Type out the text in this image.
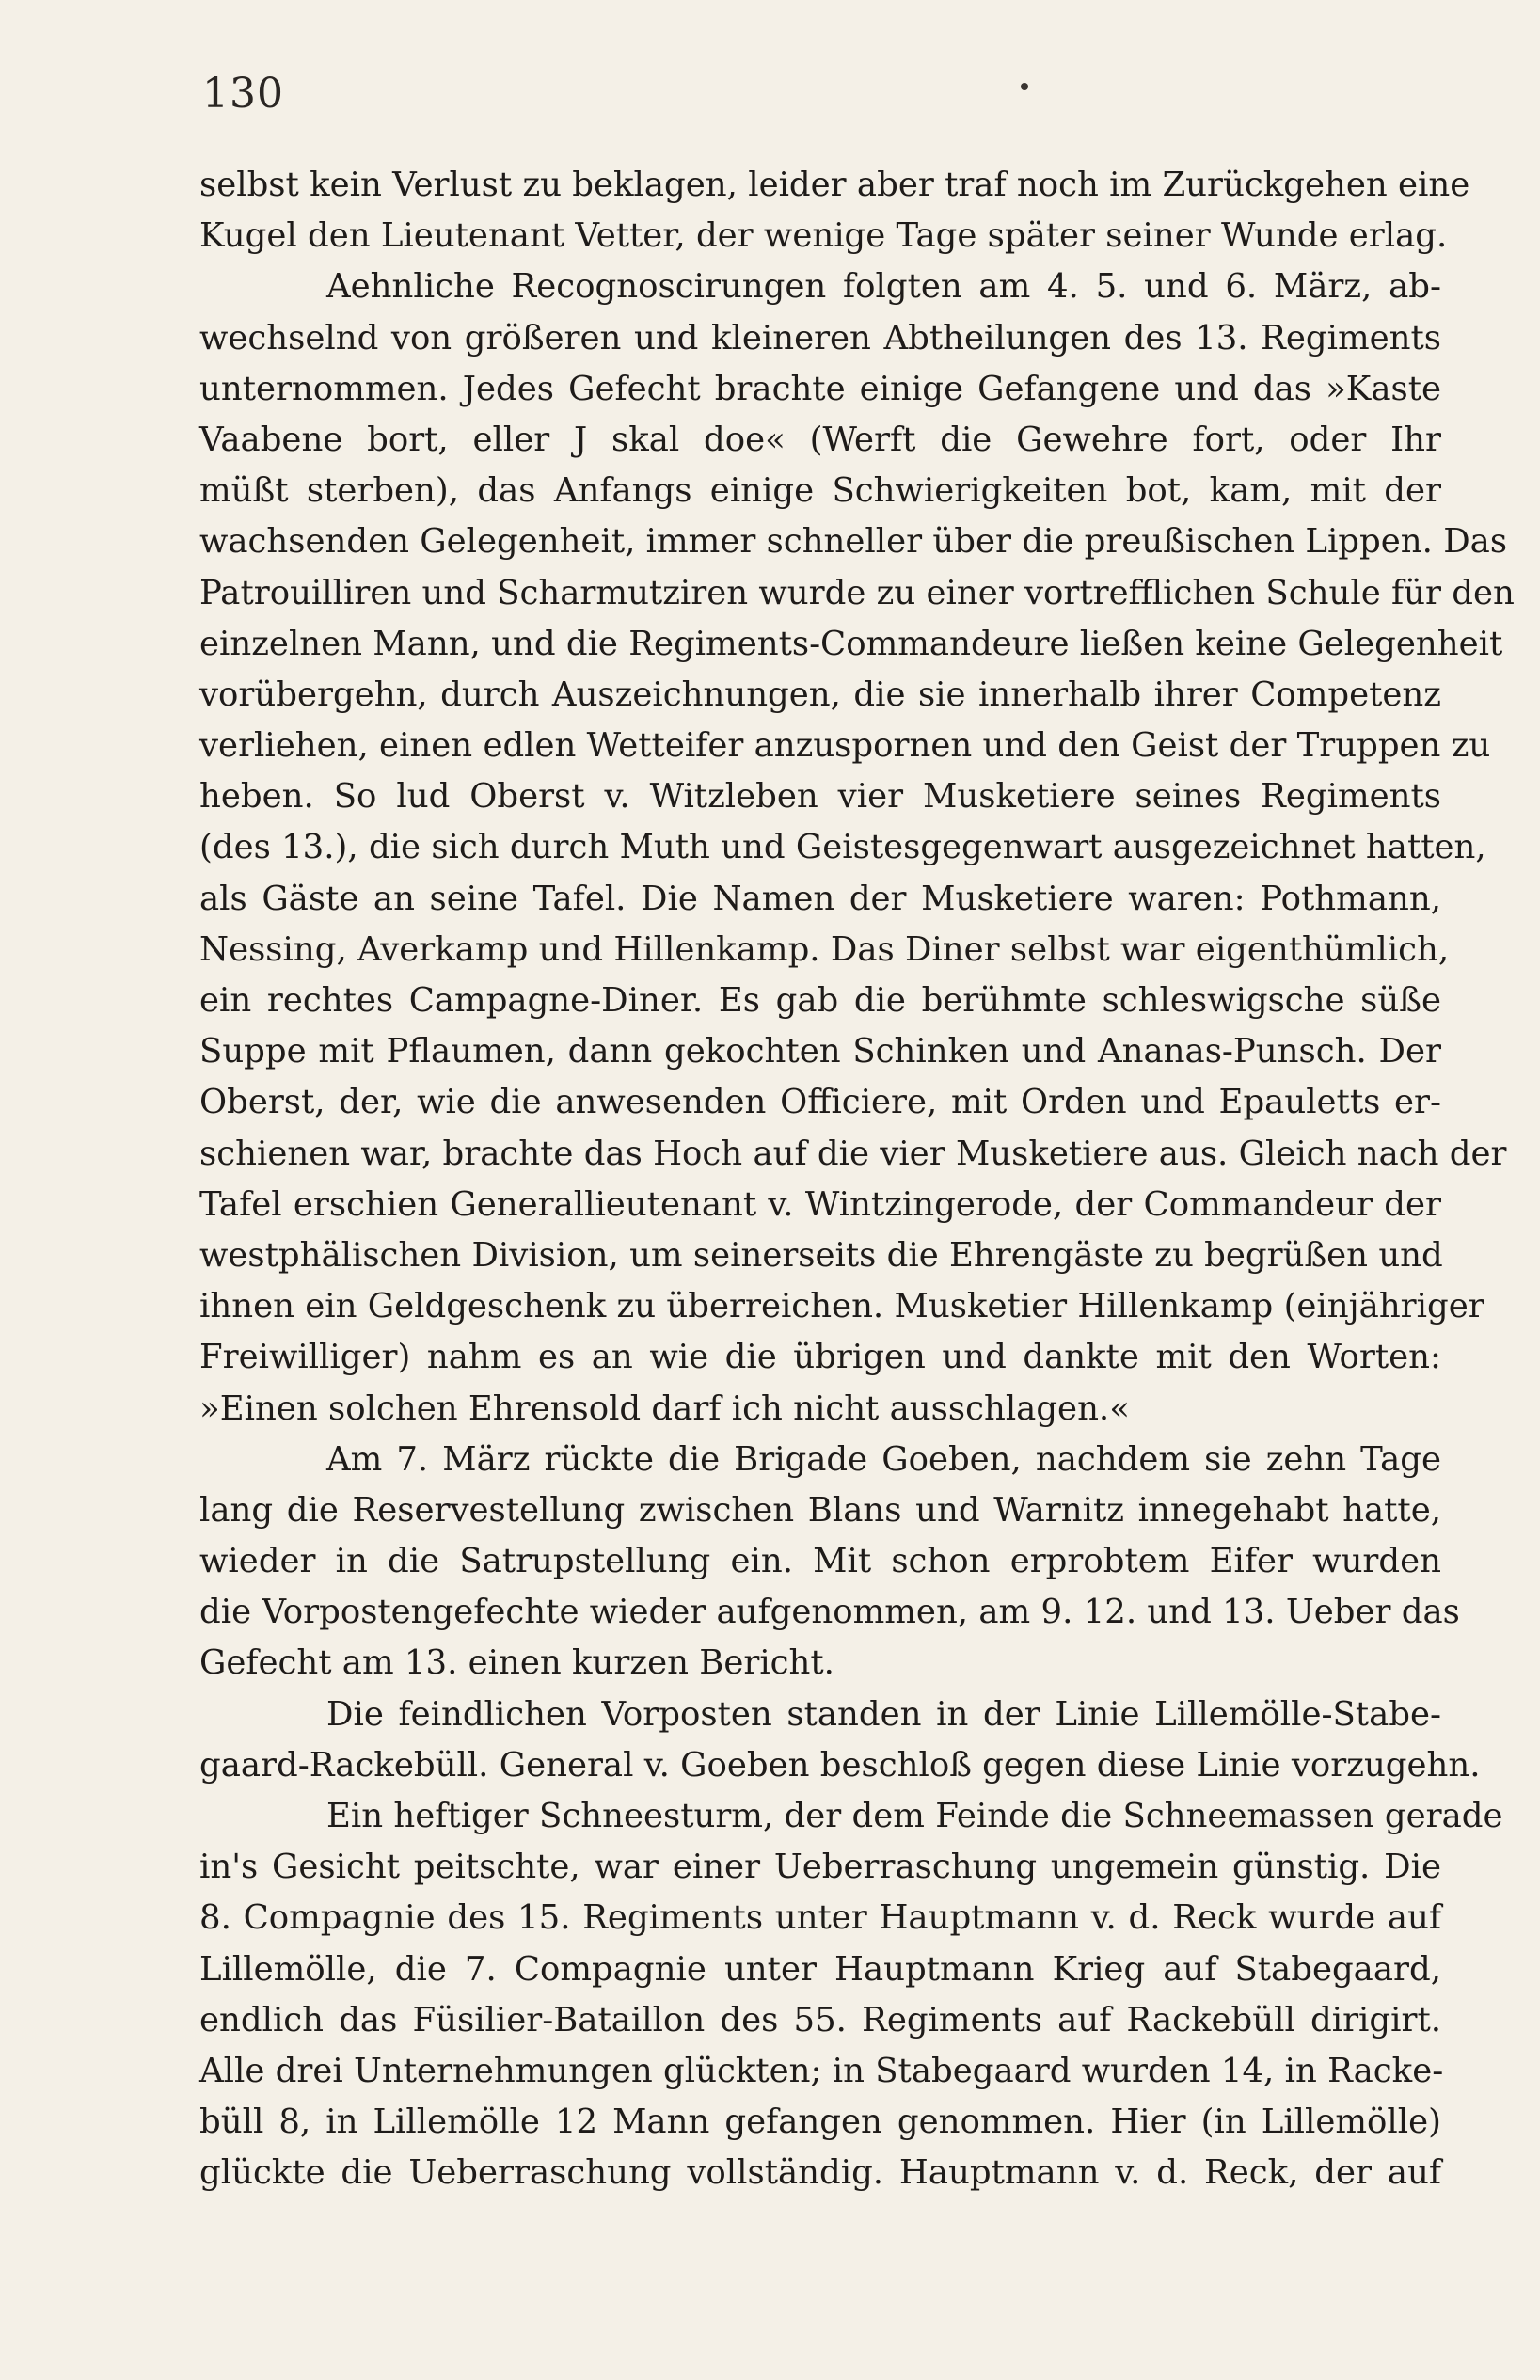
130
selbst kein Verlust zu beklagen, leider aber traf noch im Zurückgehen eine
Kugel den Lieutenant Vetter, der wenige Tage später seiner Wunde erlag.
Aehnliche Recognoscirungen folgten am 4. 5. und 6. März, ab-
wechselnd von größeren und kleineren Abtheilungen des 13. Regiments
unternommen. Jedes Gefecht brachte einige Gefangene und das »Kaste
Vaabene bort, eller J skal doe« (Werft die Gewehre fort, oder Ihr
müßt sterben), das Anfangs einige Schwierigkeiten bot, kam, mit der
wachsenden Gelegenheit, immer schneller über die preußischen Lippen. Das
Patrouilliren und Scharmutziren wurde zu einer vortrefflichen Schule für den
einzelnen Mann, und die Regiments-Commandeure ließen keine Gelegenheit
vorübergehn, durch Auszeichnungen, die sie innerhalb ihrer Competenz
verliehen, einen edlen Wetteifer anzuspornen und den Geist der Truppen zu
heben. So lud Oberst v. Witzleben vier Musketiere seines Regiments
(des 13.), die sich durch Muth und Geistesgegenwart ausgezeichnet hatten,
als Gäste an seine Tafel. Die Namen der Musketiere waren: Pothmann,
Nessing, Averkamp und Hillenkamp. Das Diner selbst war eigenthümlich,
ein rechtes Campagne-Diner. Es gab die berühmte schleswigsche süße
Suppe mit Pflaumen, dann gekochten Schinken und Ananas-Punsch. Der
Oberst, der, wie die anwesenden Officiere, mit Orden und Epauletts er-
schienen war, brachte das Hoch auf die vier Musketiere aus. Gleich nach der
Tafel erschien Generallieutenant v. Wintzingerode, der Commandeur der
westphälischen Division, um seinerseits die Ehrengäste zu begrüßen und
ihnen ein Geldgeschenk zu überreichen. Musketier Hillenkamp (einjähriger
Freiwilliger) nahm es an wie die übrigen und dankte mit den Worten:
»Einen solchen Ehrensold darf ich nicht ausschlagen.«
Am 7. März rückte die Brigade Goeben, nachdem sie zehn Tage
lang die Reservestellung zwischen Blans und Warnitz innegehabt hatte,
wieder in die Satrupstellung ein. Mit schon erprobtem Eifer wurden
die Vorpostengefechte wieder aufgenommen, am 9. 12. und 13. Ueber das
Gefecht am 13. einen kurzen Bericht.
Die feindlichen Vorposten standen in der Linie Lillemölle-Stabe-
gaard-Rackebüll. General v. Goeben beschloß gegen diese Linie vorzugehn.
Ein heftiger Schneesturm, der dem Feinde die Schneemassen gerade
in's Gesicht peitschte, war einer Ueberraschung ungemein günstig. Die
8. Compagnie des 15. Regiments unter Hauptmann v. d. Reck wurde auf
Lillemölle, die 7. Compagnie unter Hauptmann Krieg auf Stabegaard,
endlich das Füsilier-Bataillon des 55. Regiments auf Rackebüll dirigirt.
Alle drei Unternehmungen glückten; in Stabegaard wurden 14, in Racke-
büll 8, in Lillemölle 12 Mann gefangen genommen. Hier (in Lillemölle)
glückte die Ueberraschung vollständig. Hauptmann v. d. Reck, der auf
